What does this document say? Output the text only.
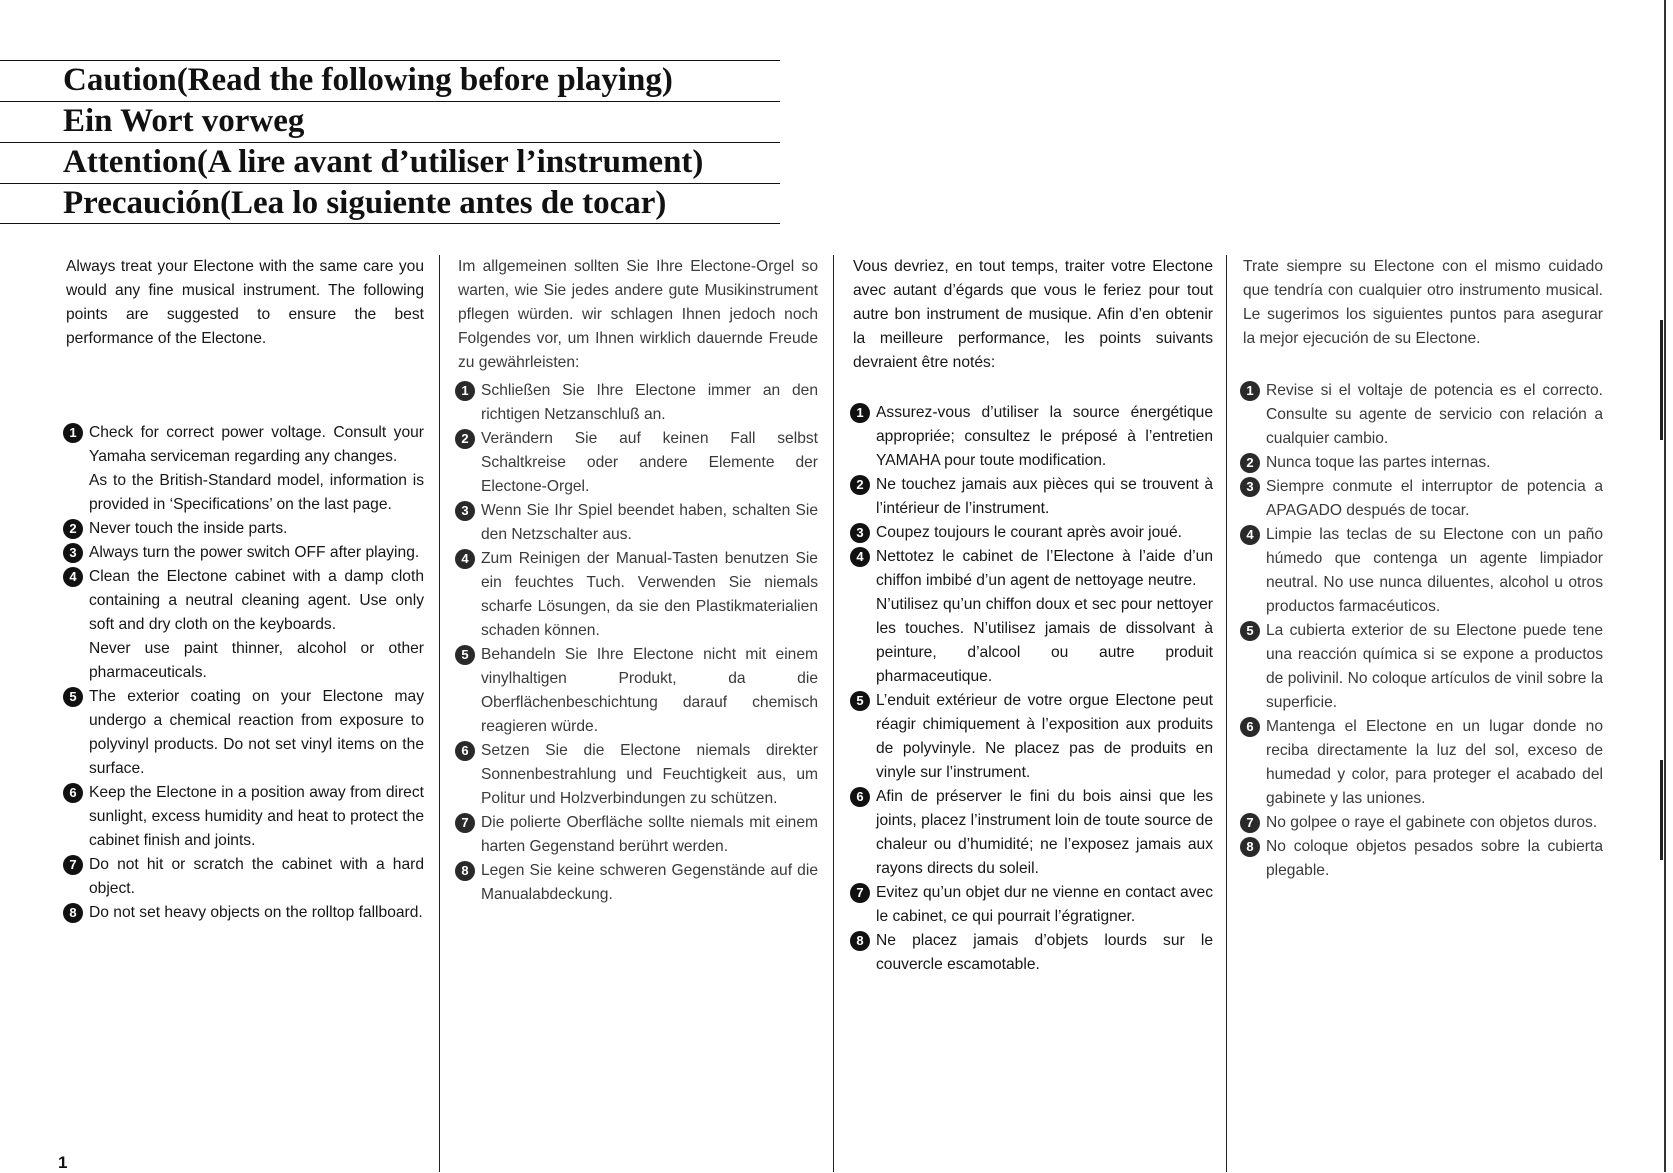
Caution(Read the following before playing)
Ein Wort vorweg
Attention(A lire avant d’utiliser l’instrument)
Precaución(Lea lo siguiente antes de tocar)

Always treat your Electone with the same care you would any fine musical instrument. The following points are suggested to ensure the best performance of the Electone.

1 Check for correct power voltage. Consult your Yamaha serviceman regarding any changes.
As to the British-Standard model, information is provided in ‘Specifications’ on the last page.
2 Never touch the inside parts.
3 Always turn the power switch OFF after playing.
4 Clean the Electone cabinet with a damp cloth containing a neutral cleaning agent. Use only soft and dry cloth on the keyboards.
Never use paint thinner, alcohol or other pharmaceuticals.
5 The exterior coating on your Electone may undergo a chemical reaction from exposure to polyvinyl products. Do not set vinyl items on the surface.
6 Keep the Electone in a position away from direct sunlight, excess humidity and heat to protect the cabinet finish and joints.
7 Do not hit or scratch the cabinet with a hard object.
8 Do not set heavy objects on the rolltop fallboard.

Im allgemeinen sollten Sie Ihre Electone-Orgel so warten, wie Sie jedes andere gute Musikinstrument pflegen würden. wir schlagen Ihnen jedoch noch Folgendes vor, um Ihnen wirklich dauernde Freude zu gewährleisten:

1 Schließen Sie Ihre Electone immer an den richtigen Netzanschluß an.
2 Verändern Sie auf keinen Fall selbst Schaltkreise oder andere Elemente der Electone-Orgel.
3 Wenn Sie Ihr Spiel beendet haben, schalten Sie den Netzschalter aus.
4 Zum Reinigen der Manual-Tasten benutzen Sie ein feuchtes Tuch. Verwenden Sie niemals scharfe Lösungen, da sie den Plastikmaterialien schaden können.
5 Behandeln Sie Ihre Electone nicht mit einem vinylhaltigen Produkt, da die Oberflächenbeschichtung darauf chemisch reagieren würde.
6 Setzen Sie die Electone niemals direkter Sonnenbestrahlung und Feuchtigkeit aus, um Politur und Holzverbindungen zu schützen.
7 Die polierte Oberfläche sollte niemals mit einem harten Gegenstand berührt werden.
8 Legen Sie keine schweren Gegenstände auf die Manualabdeckung.

Vous devriez, en tout temps, traiter votre Electone avec autant d’égards que vous le feriez pour tout autre bon instrument de musique. Afin d’en obtenir la meilleure performance, les points suivants devraient être notés:

1 Assurez-vous d’utiliser la source énergétique appropriée; consultez le préposé à l’entretien YAMAHA pour toute modification.
2 Ne touchez jamais aux pièces qui se trouvent à l’intérieur de l’instrument.
3 Coupez toujours le courant après avoir joué.
4 Nettotez le cabinet de l’Electone à l’aide d’un chiffon imbibé d’un agent de nettoyage neutre.
N’utilisez qu’un chiffon doux et sec pour nettoyer les touches. N’utilisez jamais de dissolvant à peinture, d’alcool ou autre produit pharmaceutique.
5 L’enduit extérieur de votre orgue Electone peut réagir chimiquement à l’exposition aux produits de polyvinyle. Ne placez pas de produits en vinyle sur l’instrument.
6 Afin de préserver le fini du bois ainsi que les joints, placez l’instrument loin de toute source de chaleur ou d’humidité; ne l’exposez jamais aux rayons directs du soleil.
7 Evitez qu’un objet dur ne vienne en contact avec le cabinet, ce qui pourrait l’égratigner.
8 Ne placez jamais d’objets lourds sur le couvercle escamotable.

Trate siempre su Electone con el mismo cuidado que tendría con cualquier otro instrumento musical. Le sugerimos los siguientes puntos para asegurar la mejor ejecución de su Electone.

1 Revise si el voltaje de potencia es el correcto. Consulte su agente de servicio con relación a cualquier cambio.
2 Nunca toque las partes internas.
3 Siempre conmute el interruptor de potencia a APAGADO después de tocar.
4 Limpie las teclas de su Electone con un paño húmedo que contenga un agente limpiador neutral. No use nunca diluentes, alcohol u otros productos farmacéuticos.
5 La cubierta exterior de su Electone puede tene una reacción química si se expone a productos de polivinil. No coloque artículos de vinil sobre la superficie.
6 Mantenga el Electone en un lugar donde no reciba directamente la luz del sol, exceso de humedad y color, para proteger el acabado del gabinete y las uniones.
7 No golpee o raye el gabinete con objetos duros.
8 No coloque objetos pesados sobre la cubierta plegable.
1
